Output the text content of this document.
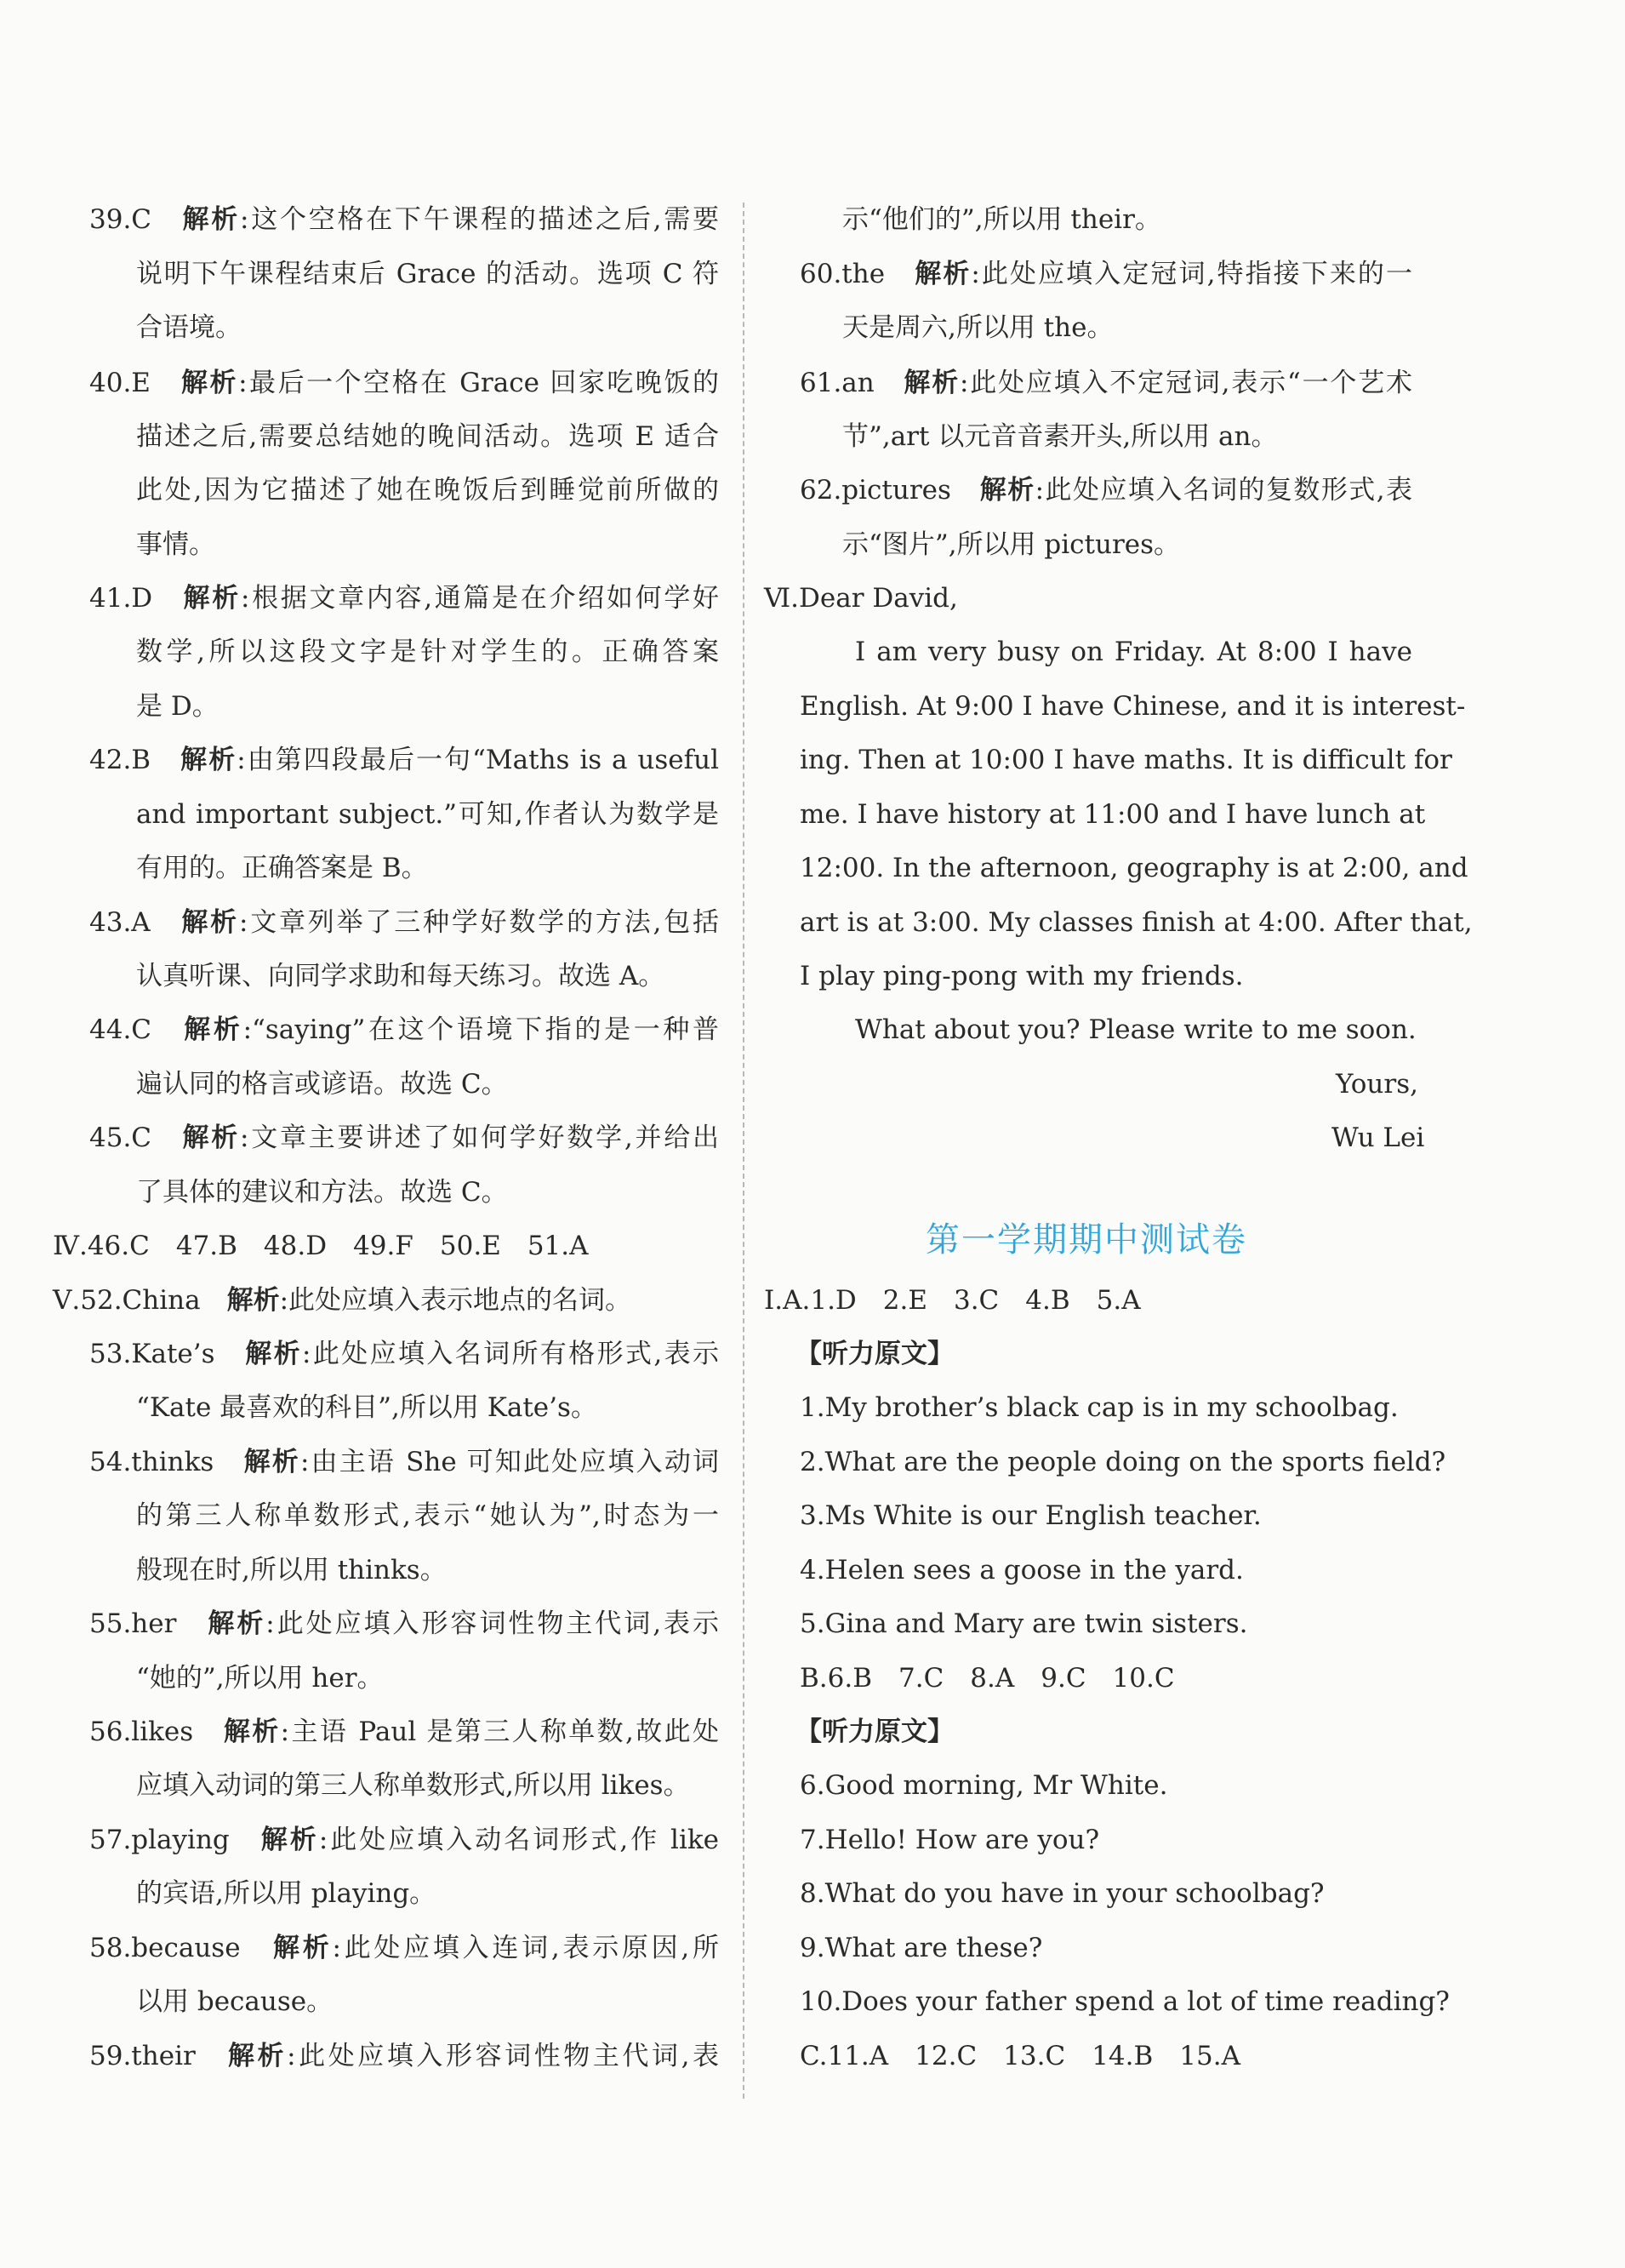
39.C　解析:这个空格在下午课程的描述之后,需要
说明下午课程结束后 Grace 的活动。选项 C 符
合语境。
40.E　解析:最后一个空格在 Grace 回家吃晚饭的
描述之后,需要总结她的晚间活动。选项 E 适合
此处,因为它描述了她在晚饭后到睡觉前所做的
事情。
41.D　解析:根据文章内容,通篇是在介绍如何学好
数学,所以这段文字是针对学生的。正确答案
是 D。
42.B　解析:由第四段最后一句“Maths is a useful
and important subject.”可知,作者认为数学是
有用的。正确答案是 B。
43.A　解析:文章列举了三种学好数学的方法,包括
认真听课、向同学求助和每天练习。故选 A。
44.C　解析:“saying”在这个语境下指的是一种普
遍认同的格言或谚语。故选 C。
45.C　解析:文章主要讲述了如何学好数学,并给出
了具体的建议和方法。故选 C。
Ⅳ.46.C　47.B　48.D　49.F　50.E　51.A
Ⅴ.52.China　解析:此处应填入表示地点的名词。
53.Kate’s　解析:此处应填入名词所有格形式,表示
“Kate 最喜欢的科目”,所以用 Kate’s。
54.thinks　解析:由主语 She 可知此处应填入动词
的第三人称单数形式,表示“她认为”,时态为一
般现在时,所以用 thinks。
55.her　解析:此处应填入形容词性物主代词,表示
“她的”,所以用 her。
56.likes　解析:主语 Paul 是第三人称单数,故此处
应填入动词的第三人称单数形式,所以用 likes。
57.playing　解析:此处应填入动名词形式,作 like
的宾语,所以用 playing。
58.because　解析:此处应填入连词,表示原因,所
以用 because。
59.their　解析:此处应填入形容词性物主代词,表
示“他们的”,所以用 their。
60.the　解析:此处应填入定冠词,特指接下来的一
天是周六,所以用 the。
61.an　解析:此处应填入不定冠词,表示“一个艺术
节”,art 以元音音素开头,所以用 an。
62.pictures　解析:此处应填入名词的复数形式,表
示“图片”,所以用 pictures。
Ⅵ.Dear David,
I am very busy on Friday. At 8:00 I have
English. At 9:00 I have Chinese, and it is interest-
ing. Then at 10:00 I have maths. It is difficult for
me. I have history at 11:00 and I have lunch at
12:00. In the afternoon, geography is at 2:00, and
art is at 3:00. My classes finish at 4:00. After that,
I play ping-pong with my friends.
What about you? Please write to me soon.
Yours,
Wu Lei
Ⅰ.A.1.D　2.E　3.C　4.B　5.A
【听力原文】
1.My brother’s black cap is in my schoolbag.
2.What are the people doing on the sports field?
3.Ms White is our English teacher.
4.Helen sees a goose in the yard.
5.Gina and Mary are twin sisters.
B.6.B　7.C　8.A　9.C　10.C
【听力原文】
6.Good morning, Mr White.
7.Hello! How are you?
8.What do you have in your schoolbag?
9.What are these?
10.Does your father spend a lot of time reading?
C.11.A　12.C　13.C　14.B　15.A
第一学期期中测试卷
